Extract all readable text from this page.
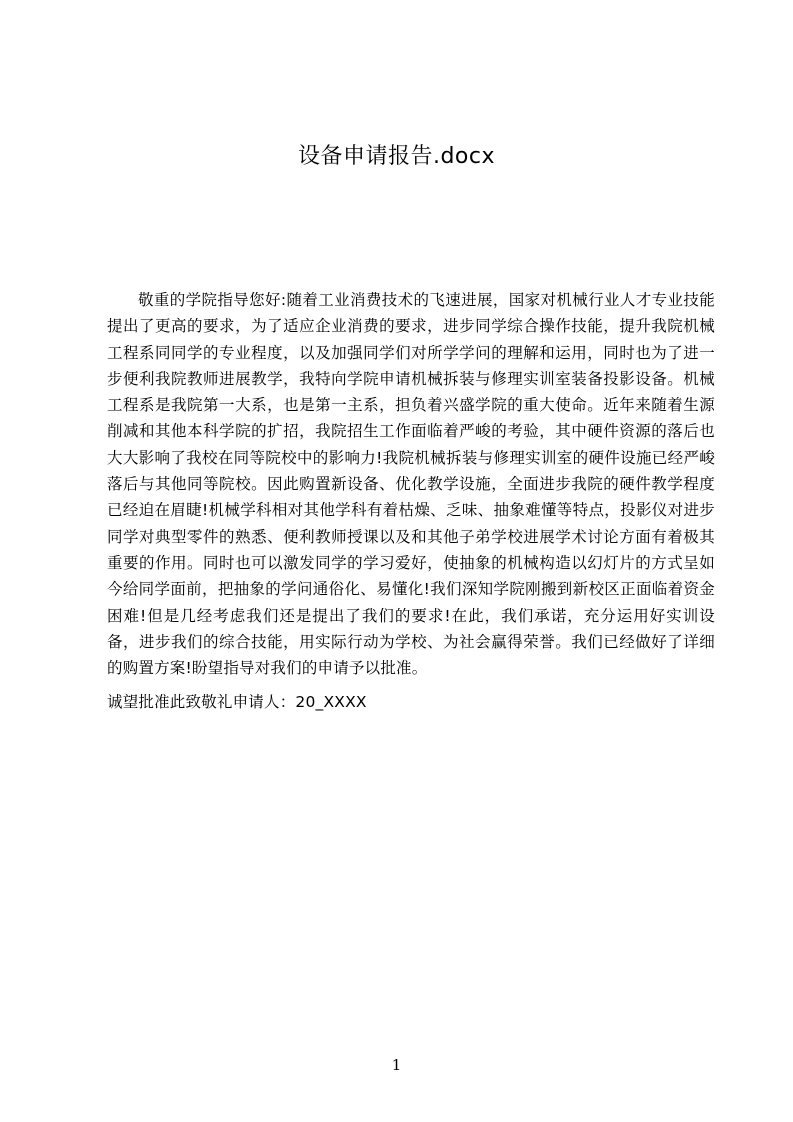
设备申请报告.docx

敬重的学院指导您好:随着工业消费技术的飞速进展，国家对机械行业人才专业技能提出了更高的要求，为了适应企业消费的要求，进步同学综合操作技能，提升我院机械工程系同同学的专业程度，以及加强同学们对所学学问的理解和运用，同时也为了进一步便利我院教师进展教学，我特向学院申请机械拆装与修理实训室装备投影设备。机械工程系是我院第一大系，也是第一主系，担负着兴盛学院的重大使命。近年来随着生源削减和其他本科学院的扩招，我院招生工作面临着严峻的考验，其中硬件资源的落后也大大影响了我校在同等院校中的影响力!我院机械拆装与修理实训室的硬件设施已经严峻落后与其他同等院校。因此购置新设备、优化教学设施，全面进步我院的硬件教学程度已经迫在眉睫!机械学科相对其他学科有着枯燥、乏味、抽象难懂等特点，投影仪对进步同学对典型零件的熟悉、便利教师授课以及和其他子弟学校进展学术讨论方面有着极其重要的作用。同时也可以激发同学的学习爱好，使抽象的机械构造以幻灯片的方式呈如今给同学面前，把抽象的学问通俗化、易懂化!我们深知学院刚搬到新校区正面临着资金困难!但是几经考虑我们还是提出了我们的要求!在此，我们承诺，充分运用好实训设备，进步我们的综合技能，用实际行动为学校、为社会赢得荣誉。我们已经做好了详细的购置方案!盼望指导对我们的申请予以批准。

诚望批准此致敬礼申请人：20_XXXX

1
